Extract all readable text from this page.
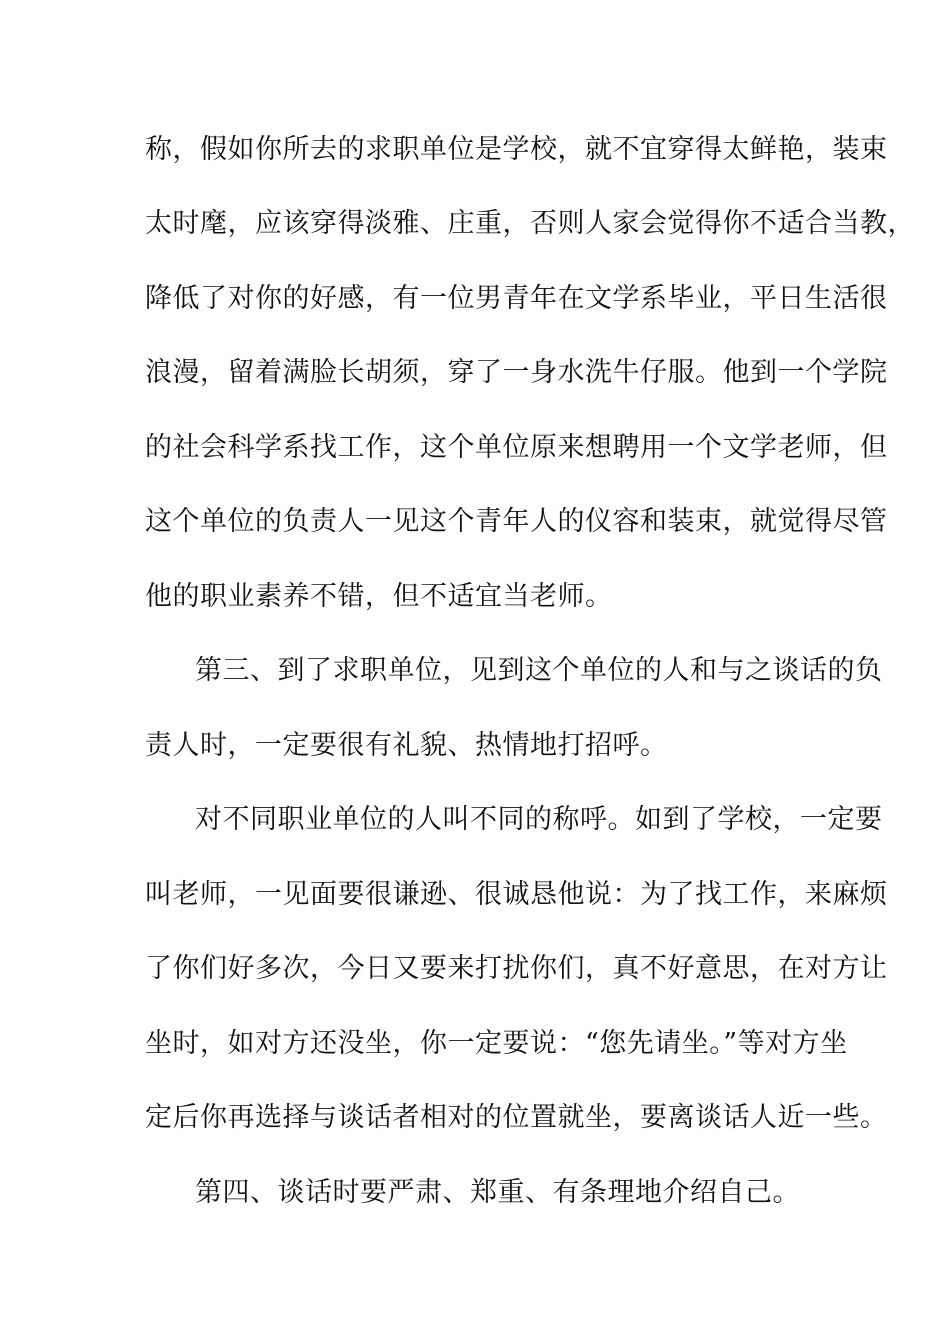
称，假如你所去的求职单位是学校，就不宜穿得太鲜艳，装束
太时麾，应该穿得淡雅、庄重，否则人家会觉得你不适合当教，
降低了对你的好感，有一位男青年在文学系毕业，平日生活很
浪漫，留着满脸长胡须，穿了一身水洗牛仔服。他到一个学院
的社会科学系找工作，这个单位原来想聘用一个文学老师，但
这个单位的负责人一见这个青年人的仪容和装束，就觉得尽管
他的职业素养不错，但不适宜当老师。
第三、到了求职单位，见到这个单位的人和与之谈话的负
责人时，一定要很有礼貌、热情地打招呼。
对不同职业单位的人叫不同的称呼。如到了学校，一定要
叫老师，一见面要很谦逊、很诚恳他说：为了找工作，来麻烦
了你们好多次，今日又要来打扰你们，真不好意思，在对方让
坐时，如对方还没坐，你一定要说：“您先请坐。”等对方坐
定后你再选择与谈话者相对的位置就坐，要离谈话人近一些。
第四、谈话时要严肃、郑重、有条理地介绍自己。
